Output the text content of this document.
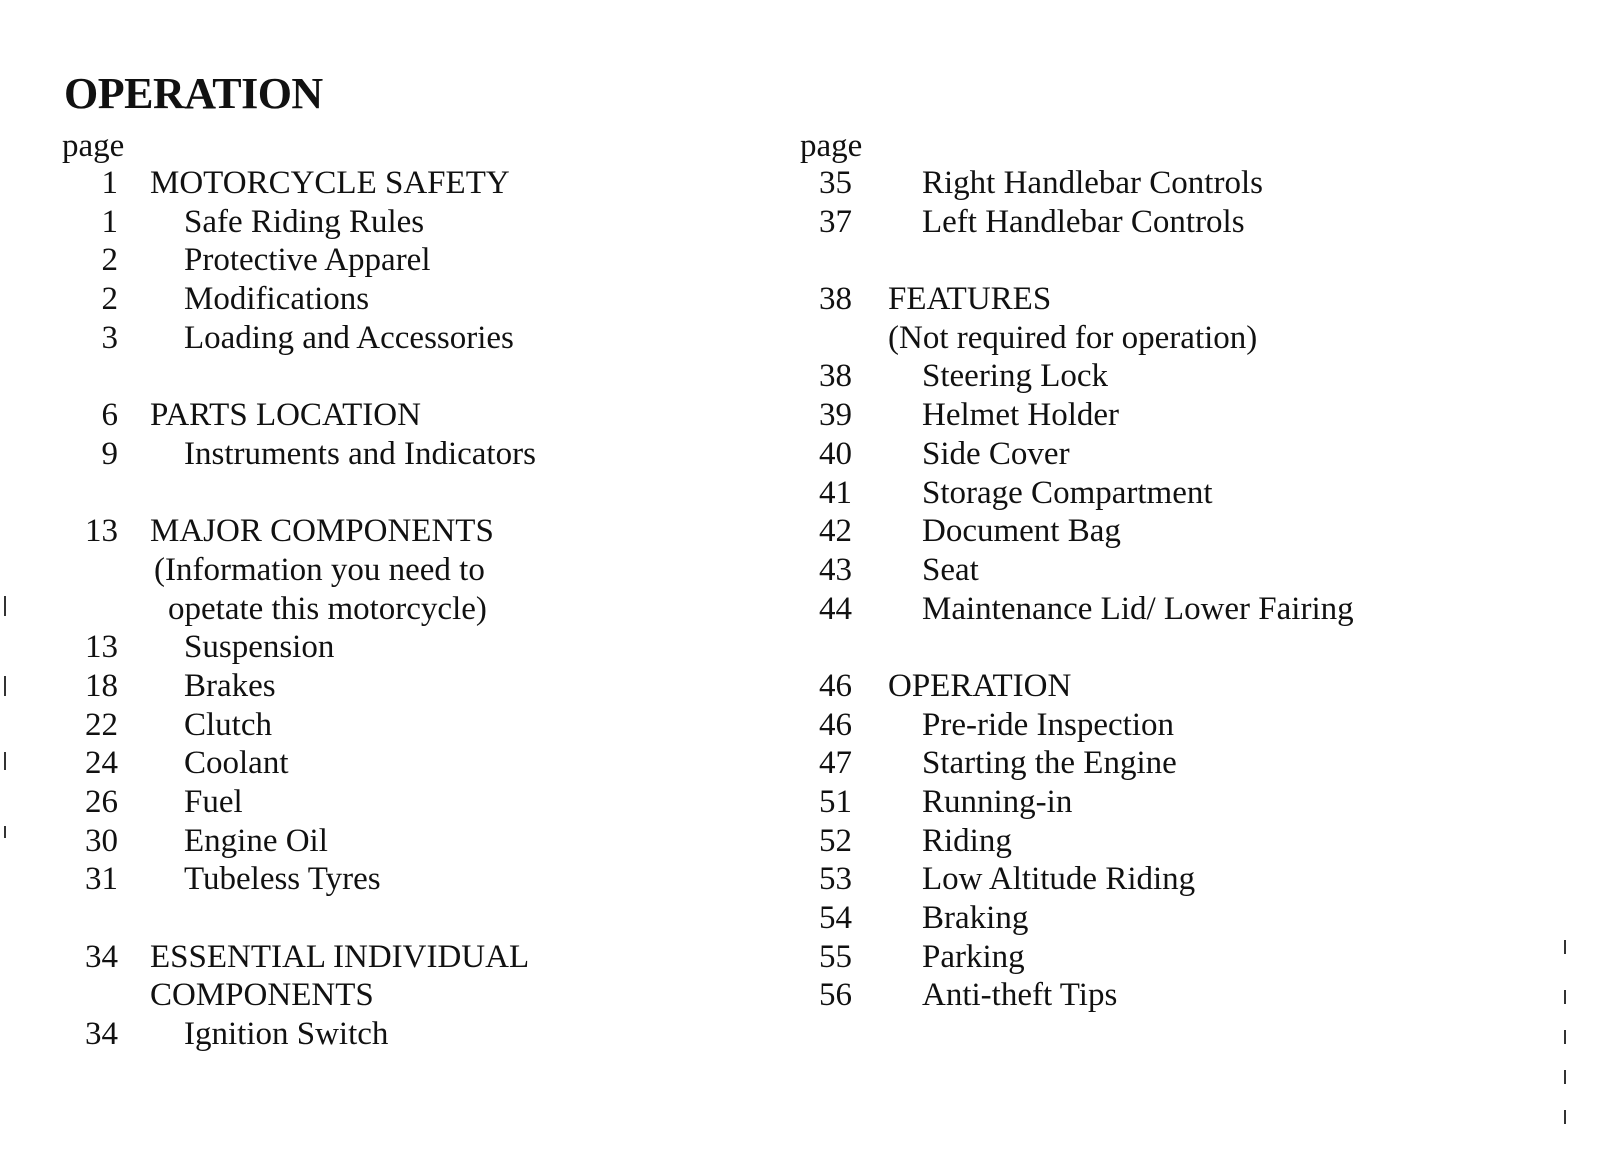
OPERATION
page
1 MOTORCYCLE SAFETY
1 Safe Riding Rules
2 Protective Apparel
2 Modifications
3 Loading and Accessories
6 PARTS LOCATION
9 Instruments and Indicators
13 MAJOR COMPONENTS
(Information you need to
opetate this motorcycle)
13 Suspension
18 Brakes
22 Clutch
24 Coolant
26 Fuel
30 Engine Oil
31 Tubeless Tyres
34 ESSENTIAL INDIVIDUAL
COMPONENTS
34 Ignition Switch
page
35 Right Handlebar Controls
37 Left Handlebar Controls
38 FEATURES
(Not required for operation)
38 Steering Lock
39 Helmet Holder
40 Side Cover
41 Storage Compartment
42 Document Bag
43 Seat
44 Maintenance Lid/ Lower Fairing
46 OPERATION
46 Pre-ride Inspection
47 Starting the Engine
51 Running-in
52 Riding
53 Low Altitude Riding
54 Braking
55 Parking
56 Anti-theft Tips
